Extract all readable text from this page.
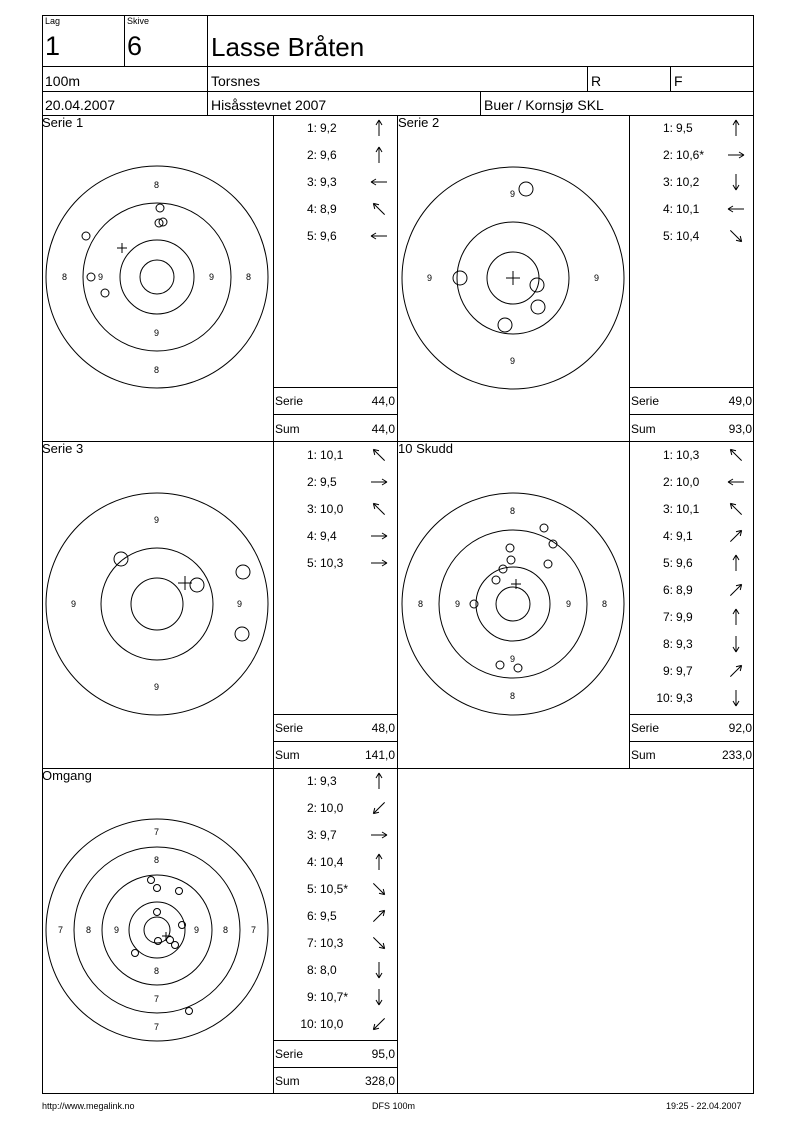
Lag
1
Skive
6	Lasse Bråten
100m	Torsnes	R	F
20.04.2007	Hisåsstevnet 2007	Buer / Kornsjø SKL
Serie 1	Serie 2
Serie 3	10 Skudd
Omgang
8
9	9	8
8
9
8
9
9	9
9
9
9	9
9
8
9	9	8
8
9
8
7
8
8
7
7
7	8	9	9	8	7
1: 9,2
2: 9,6
3: 9,3
4: 8,9
5: 9,6
1: 9,5
2: 10,6*
3: 10,2
4: 10,1
5: 10,4
1: 10,1
2: 9,5
3: 10,0
4: 9,4
5: 10,3
1: 10,3
2: 10,0
3: 10,1
4: 9,1
5: 9,6
6: 8,9
7: 9,9
8: 9,3
9: 9,7
10: 9,3
1: 9,3
2: 10,0
3: 9,7
4: 10,4
5: 10,5*
6: 9,5
7: 10,3
8: 8,0
9: 10,7*
10: 10,0
Serie	44,0
Sum	44,0
Serie	49,0
Sum	93,0
Serie	48,0
Sum	141,0
Serie	92,0
Sum	233,0
Serie	95,0
Sum	328,0
http://www.megalink.no	DFS 100m	19:25 - 22.04.2007
